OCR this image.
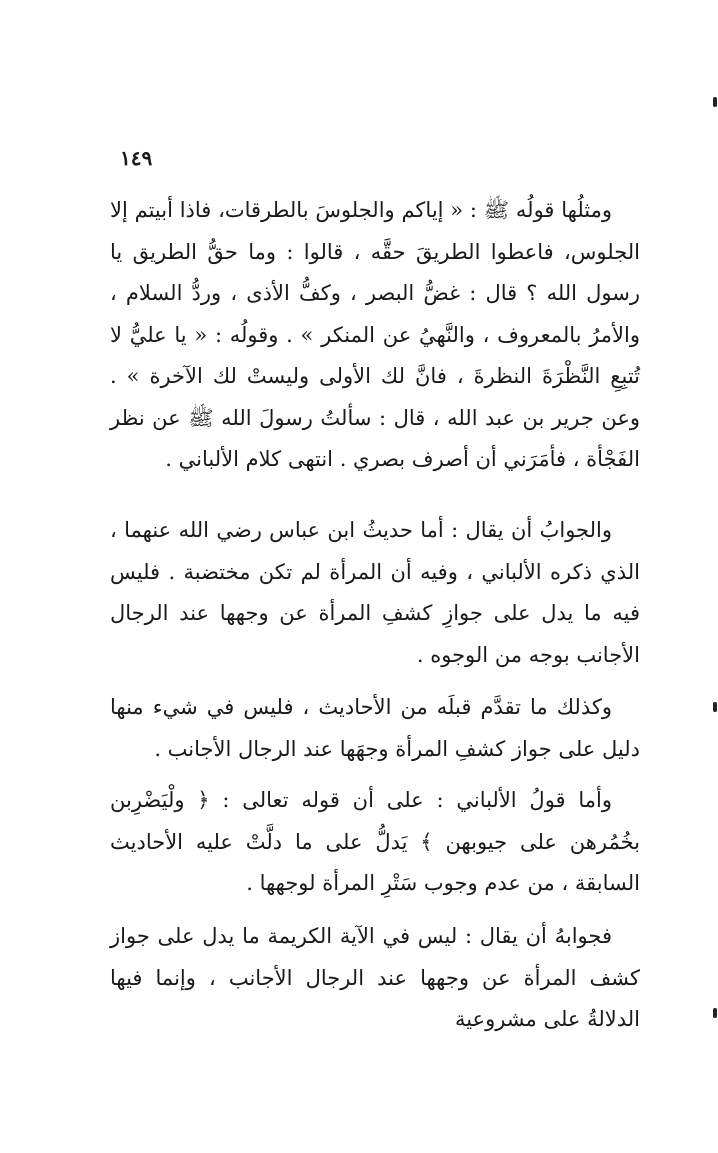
١٤٩

ومثلُها قولُه ﷺ : « إياكم والجلوسَ بالطرقات، فاذا أبيتم إلا الجلوس، فاعطوا الطريقَ حقَّه ، قالوا : وما حقُّ الطريق يا رسول الله ؟ قال : غضُّ البصر ، وكفُّ الأذى ، وردُّ السلام ، والأمرُ بالمعروف ، والنَّهيُ عن المنكر » . وقولُه : « يا عليُّ لا تُتبِعِ النَّظْرَةَ النظرةَ ، فانَّ لك الأولى وليستْ لك الآخرة » . وعن جرير بن عبد الله ، قال : سألتُ رسولَ الله ﷺ عن نظر الفَجْأة ، فأمَرَني أن أصرف بصري . انتهى كلام الألباني .

والجوابُ أن يقال : أما حديثُ ابن عباس رضي الله عنهما ، الذي ذكره الألباني ، وفيه أن المرأة لم تكن مختضبة . فليس فيه ما يدل على جوازِ كشفِ المرأة عن وجهها عند الرجال الأجانب بوجه من الوجوه .

وكذلك ما تقدَّم قبلَه من الأحاديث ، فليس في شيء منها دليل على جواز كشفِ المرأة وجهَها عند الرجال الأجانب .

وأما قولُ الألباني : على أن قوله تعالى : ﴿ ولْيَضْرِبن بخُمُرهن على جيوبهن ﴾ يَدلُّ على ما دلَّتْ عليه الأحاديث السابقة ، من عدم وجوب سَتْرِ المرأة لوجهها .

فجوابهُ أن يقال : ليس في الآية الكريمة ما يدل على جواز كشف المرأة عن وجهها عند الرجال الأجانب ، وإنما فيها الدلالةُ على مشروعية
